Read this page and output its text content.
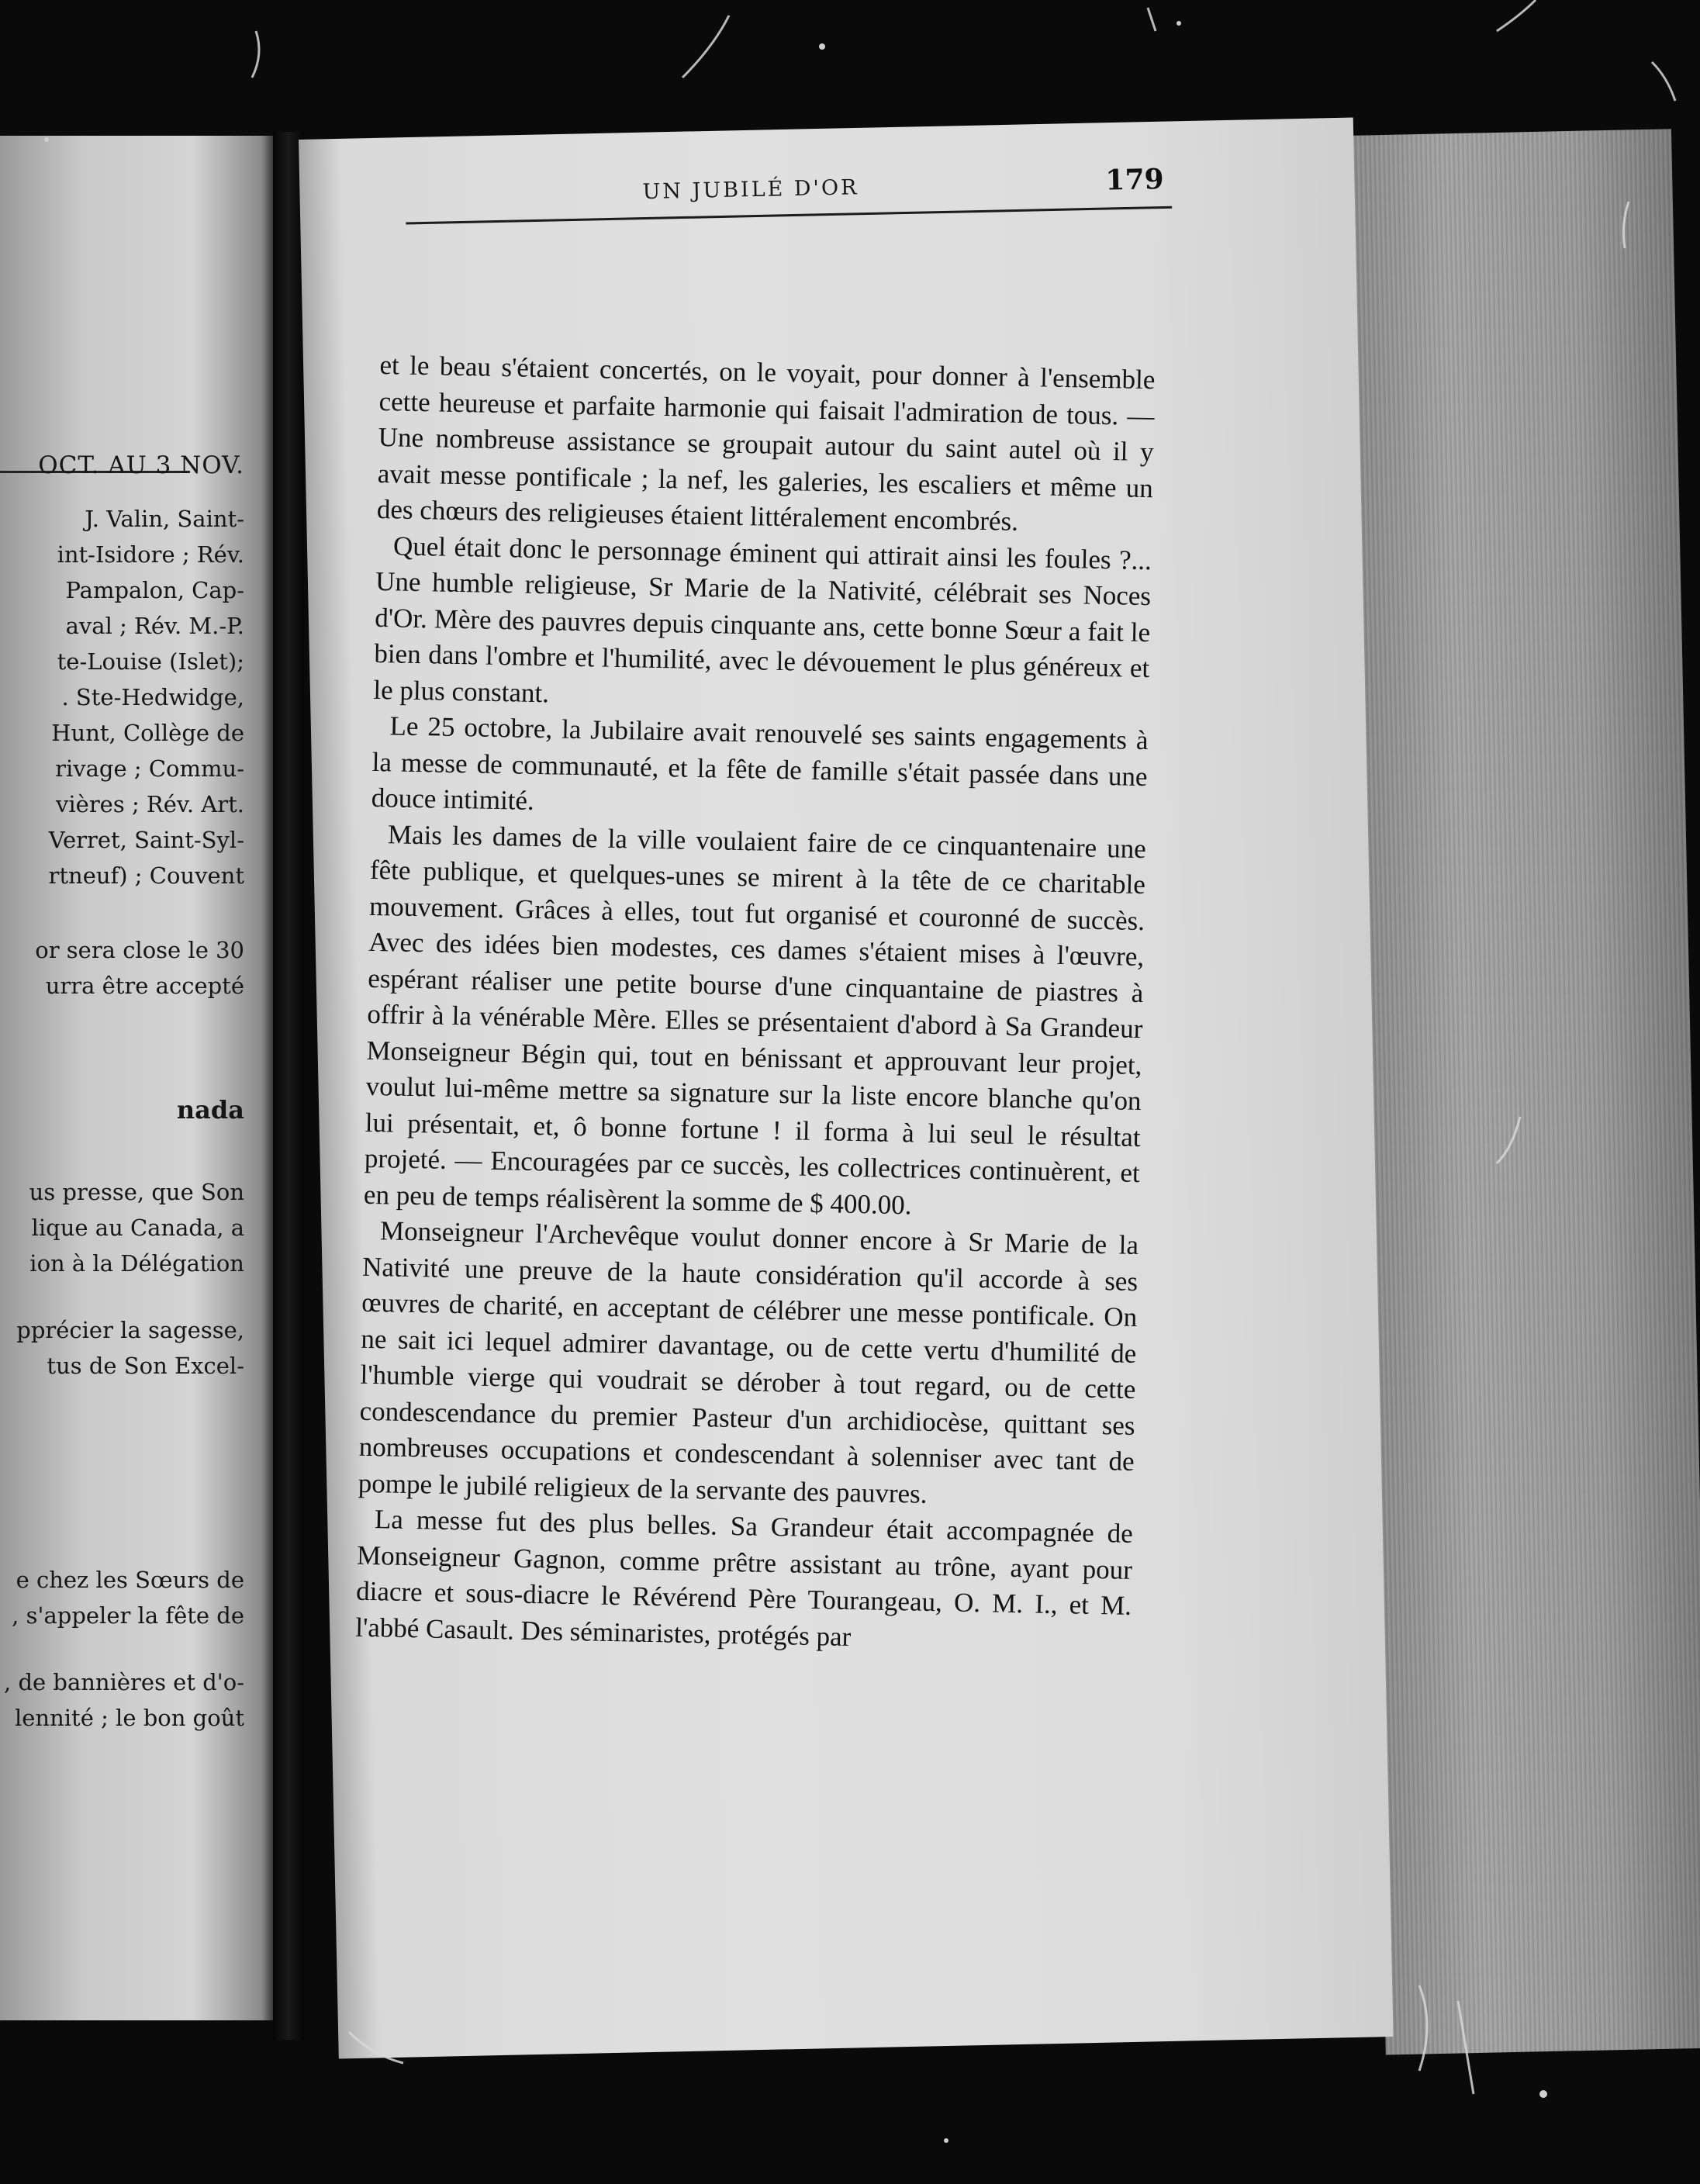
OCT. AU 3 NOV.
J. Valin, Saint-
int-Isidore ; Rév.
Pampalon, Cap-
aval ; Rév. M.-P.
te-Louise (Islet);
. Ste-Hedwidge,
Hunt, Collège de
rivage ; Commu-
vières ; Rév. Art.
Verret, Saint-Syl-
rtneuf) ; Couvent
or sera close le 30
urra être accepté
nada
us presse, que Son
lique au Canada, a
ion à la Délégation
pprécier la sagesse,
tus de Son Excel-
e chez les Sœurs de
, s'appeler la fête de
, de bannières et d'o-
lennité ; le bon goût
UN JUBILÉ D'OR	179

et le beau s'étaient concertés, on le voyait, pour donner à l'ensemble cette heureuse et parfaite harmonie qui faisait l'admiration de tous. — Une nombreuse assistance se groupait autour du saint autel où il y avait messe pontificale ; la nef, les galeries, les escaliers et même un des chœurs des religieuses étaient littéralement encombrés.

Quel était donc le personnage éminent qui attirait ainsi les foules ?... Une humble religieuse, Sr Marie de la Nativité, célébrait ses Noces d'Or. Mère des pauvres depuis cinquante ans, cette bonne Sœur a fait le bien dans l'ombre et l'humilité, avec le dévouement le plus généreux et le plus constant.

Le 25 octobre, la Jubilaire avait renouvelé ses saints engagements à la messe de communauté, et la fête de famille s'était passée dans une douce intimité.

Mais les dames de la ville voulaient faire de ce cinquantenaire une fête publique, et quelques-unes se mirent à la tête de ce charitable mouvement. Grâces à elles, tout fut organisé et couronné de succès. Avec des idées bien modestes, ces dames s'étaient mises à l'œuvre, espérant réaliser une petite bourse d'une cinquantaine de piastres à offrir à la vénérable Mère. Elles se présentaient d'abord à Sa Grandeur Monseigneur Bégin qui, tout en bénissant et approuvant leur projet, voulut lui-même mettre sa signature sur la liste encore blanche qu'on lui présentait, et, ô bonne fortune ! il forma à lui seul le résultat projeté. — Encouragées par ce succès, les collectrices continuèrent, et en peu de temps réalisèrent la somme de $ 400.00.

Monseigneur l'Archevêque voulut donner encore à Sr Marie de la Nativité une preuve de la haute considération qu'il accorde à ses œuvres de charité, en acceptant de célébrer une messe pontificale. On ne sait ici lequel admirer davantage, ou de cette vertu d'humilité de l'humble vierge qui voudrait se dérober à tout regard, ou de cette condescendance du premier Pasteur d'un archidiocèse, quittant ses nombreuses occupations et condescendant à solenniser avec tant de pompe le jubilé religieux de la servante des pauvres.

La messe fut des plus belles. Sa Grandeur était accompagnée de Monseigneur Gagnon, comme prêtre assistant au trône, ayant pour diacre et sous-diacre le Révérend Père Tourangeau, O. M. I., et M. l'abbé Casault. Des séminaristes, protégés par
